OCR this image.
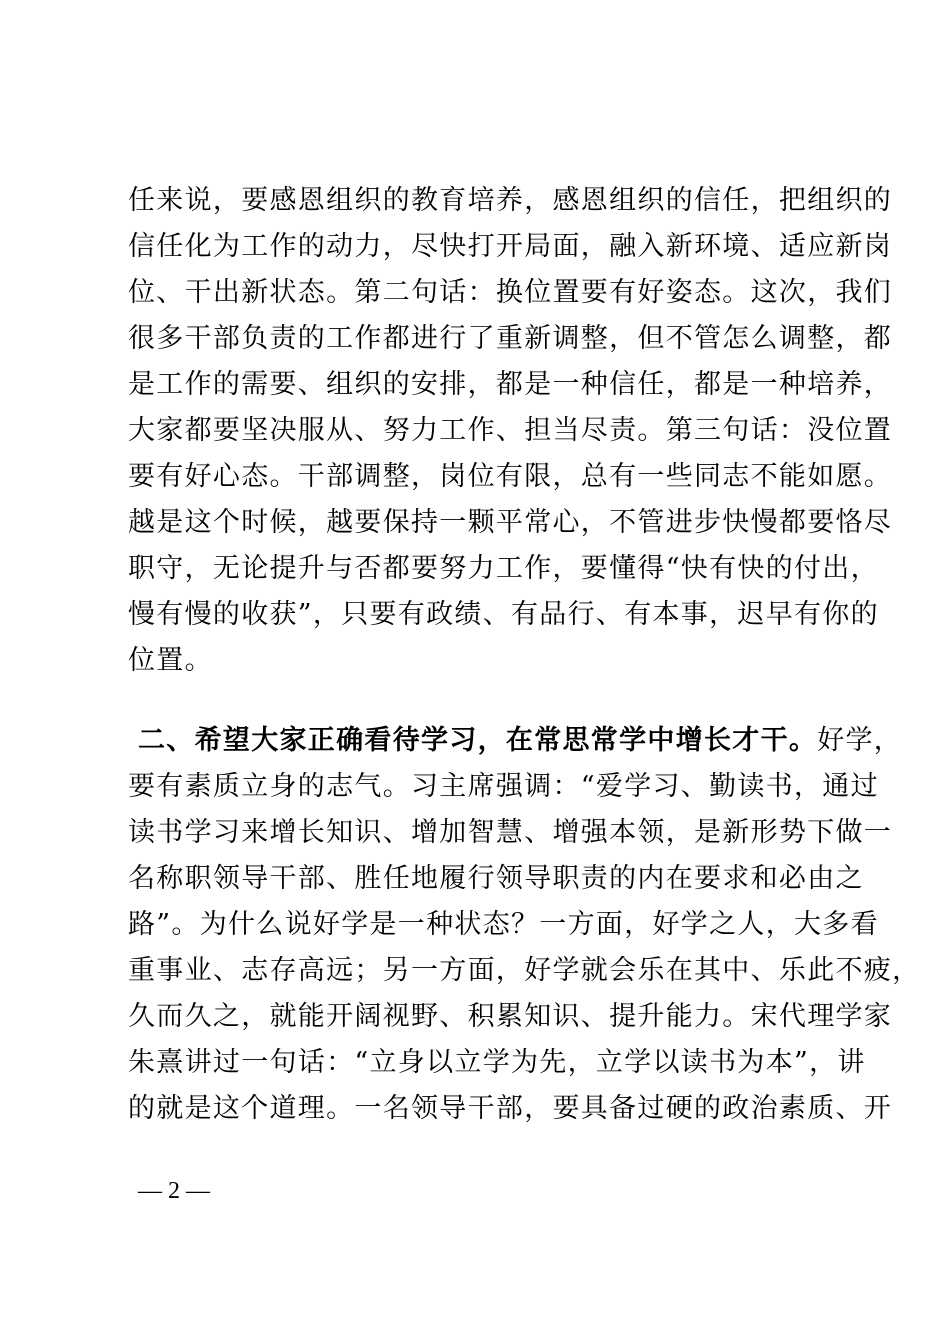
任来说，要感恩组织的教育培养，感恩组织的信任，把组织的
信任化为工作的动力，尽快打开局面，融入新环境、适应新岗
位、干出新状态。第二句话：换位置要有好姿态。这次，我们
很多干部负责的工作都进行了重新调整，但不管怎么调整，都
是工作的需要、组织的安排，都是一种信任，都是一种培养，
大家都要坚决服从、努力工作、担当尽责。第三句话：没位置
要有好心态。干部调整，岗位有限，总有一些同志不能如愿。
越是这个时候，越要保持一颗平常心，不管进步快慢都要恪尽
职守，无论提升与否都要努力工作，要懂得“快有快的付出，
慢有慢的收获”，只要有政绩、有品行、有本事，迟早有你的
位置。
二、希望大家正确看待学习，在常思常学中增长才干。好学，
要有素质立身的志气。习主席强调：“爱学习、勤读书，通过
读书学习来增长知识、增加智慧、增强本领，是新形势下做一
名称职领导干部、胜任地履行领导职责的内在要求和必由之
路”。为什么说好学是一种状态？一方面，好学之人，大多看
重事业、志存高远；另一方面，好学就会乐在其中、乐此不疲，
久而久之，就能开阔视野、积累知识、提升能力。宋代理学家
朱熹讲过一句话：“立身以立学为先，立学以读书为本”，讲
的就是这个道理。一名领导干部，要具备过硬的政治素质、开
— 2 —
